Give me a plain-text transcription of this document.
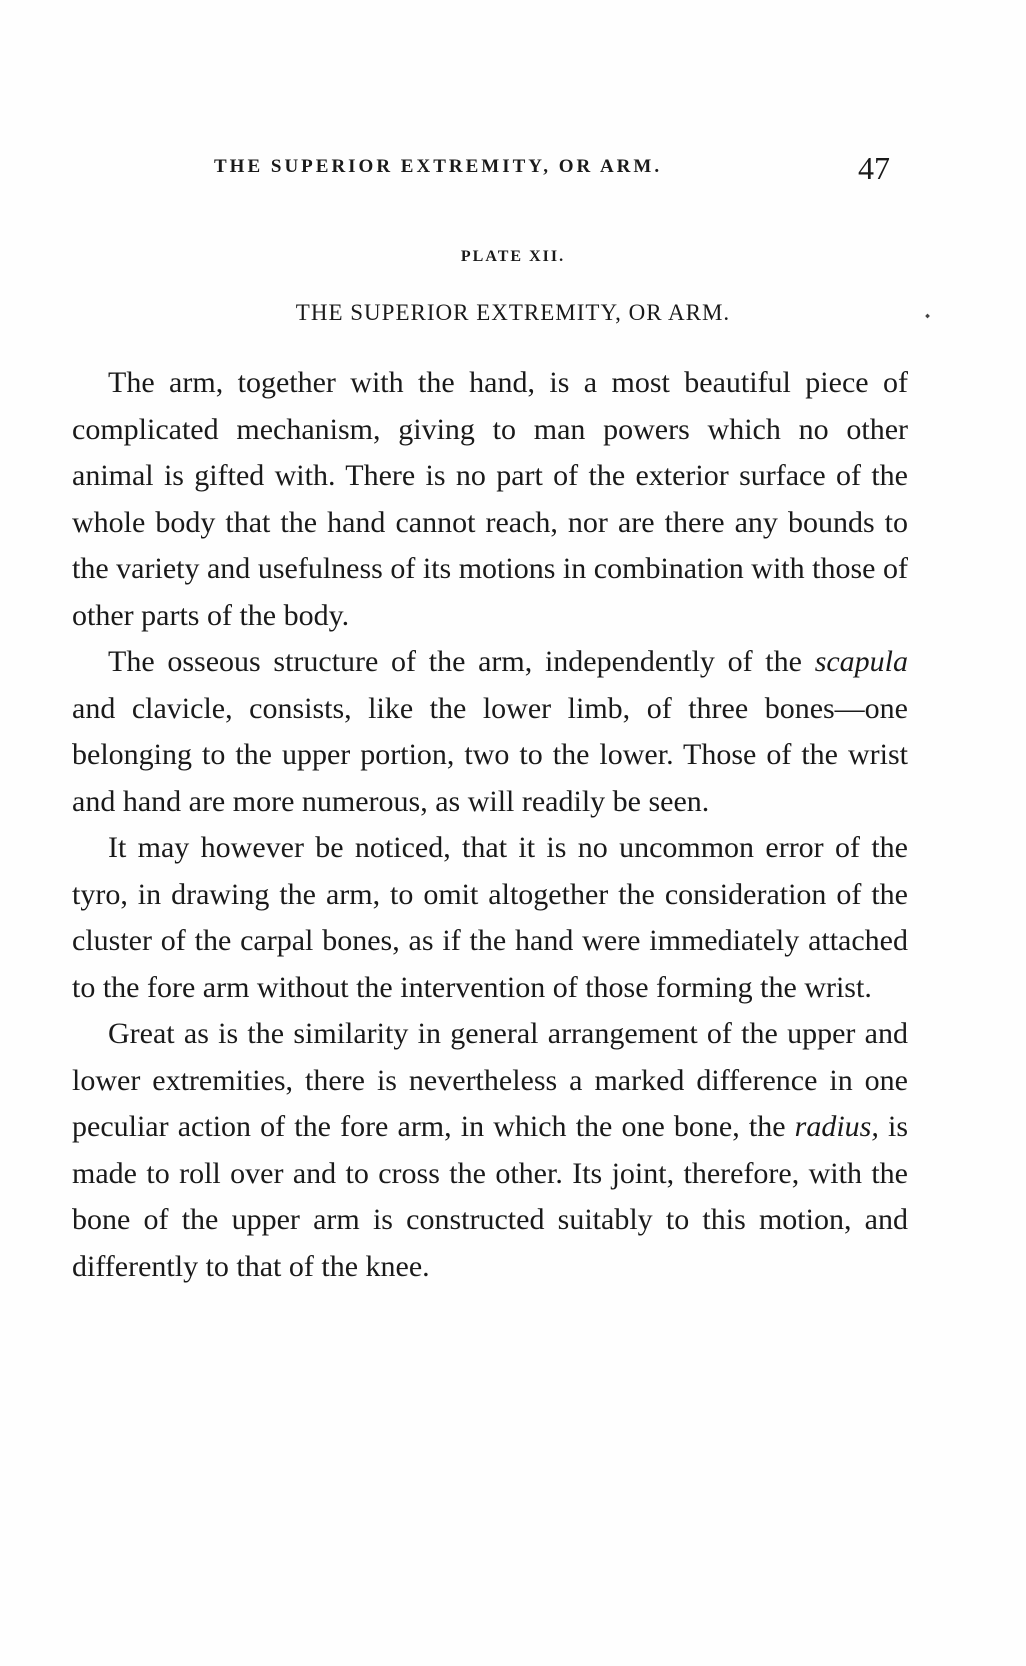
THE SUPERIOR EXTREMITY, OR ARM.	47
PLATE XII.
THE SUPERIOR EXTREMITY, OR ARM.	⬩

The arm, together with the hand, is a most beautiful piece of complicated mechanism, giving to man powers which no other animal is gifted with. There is no part of the exterior surface of the whole body that the hand cannot reach, nor are there any bounds to the variety and usefulness of its motions in combination with those of other parts of the body.

The osseous structure of the arm, independently of the scapula and clavicle, consists, like the lower limb, of three bones—one belonging to the upper portion, two to the lower. Those of the wrist and hand are more numerous, as will readily be seen.

It may however be noticed, that it is no uncommon error of the tyro, in drawing the arm, to omit altogether the consideration of the cluster of the carpal bones, as if the hand were immediately attached to the fore arm without the intervention of those forming the wrist.

Great as is the similarity in general arrangement of the upper and lower extremities, there is nevertheless a marked difference in one peculiar action of the fore arm, in which the one bone, the radius, is made to roll over and to cross the other. Its joint, therefore, with the bone of the upper arm is constructed suitably to this motion, and differently to that of the knee.
